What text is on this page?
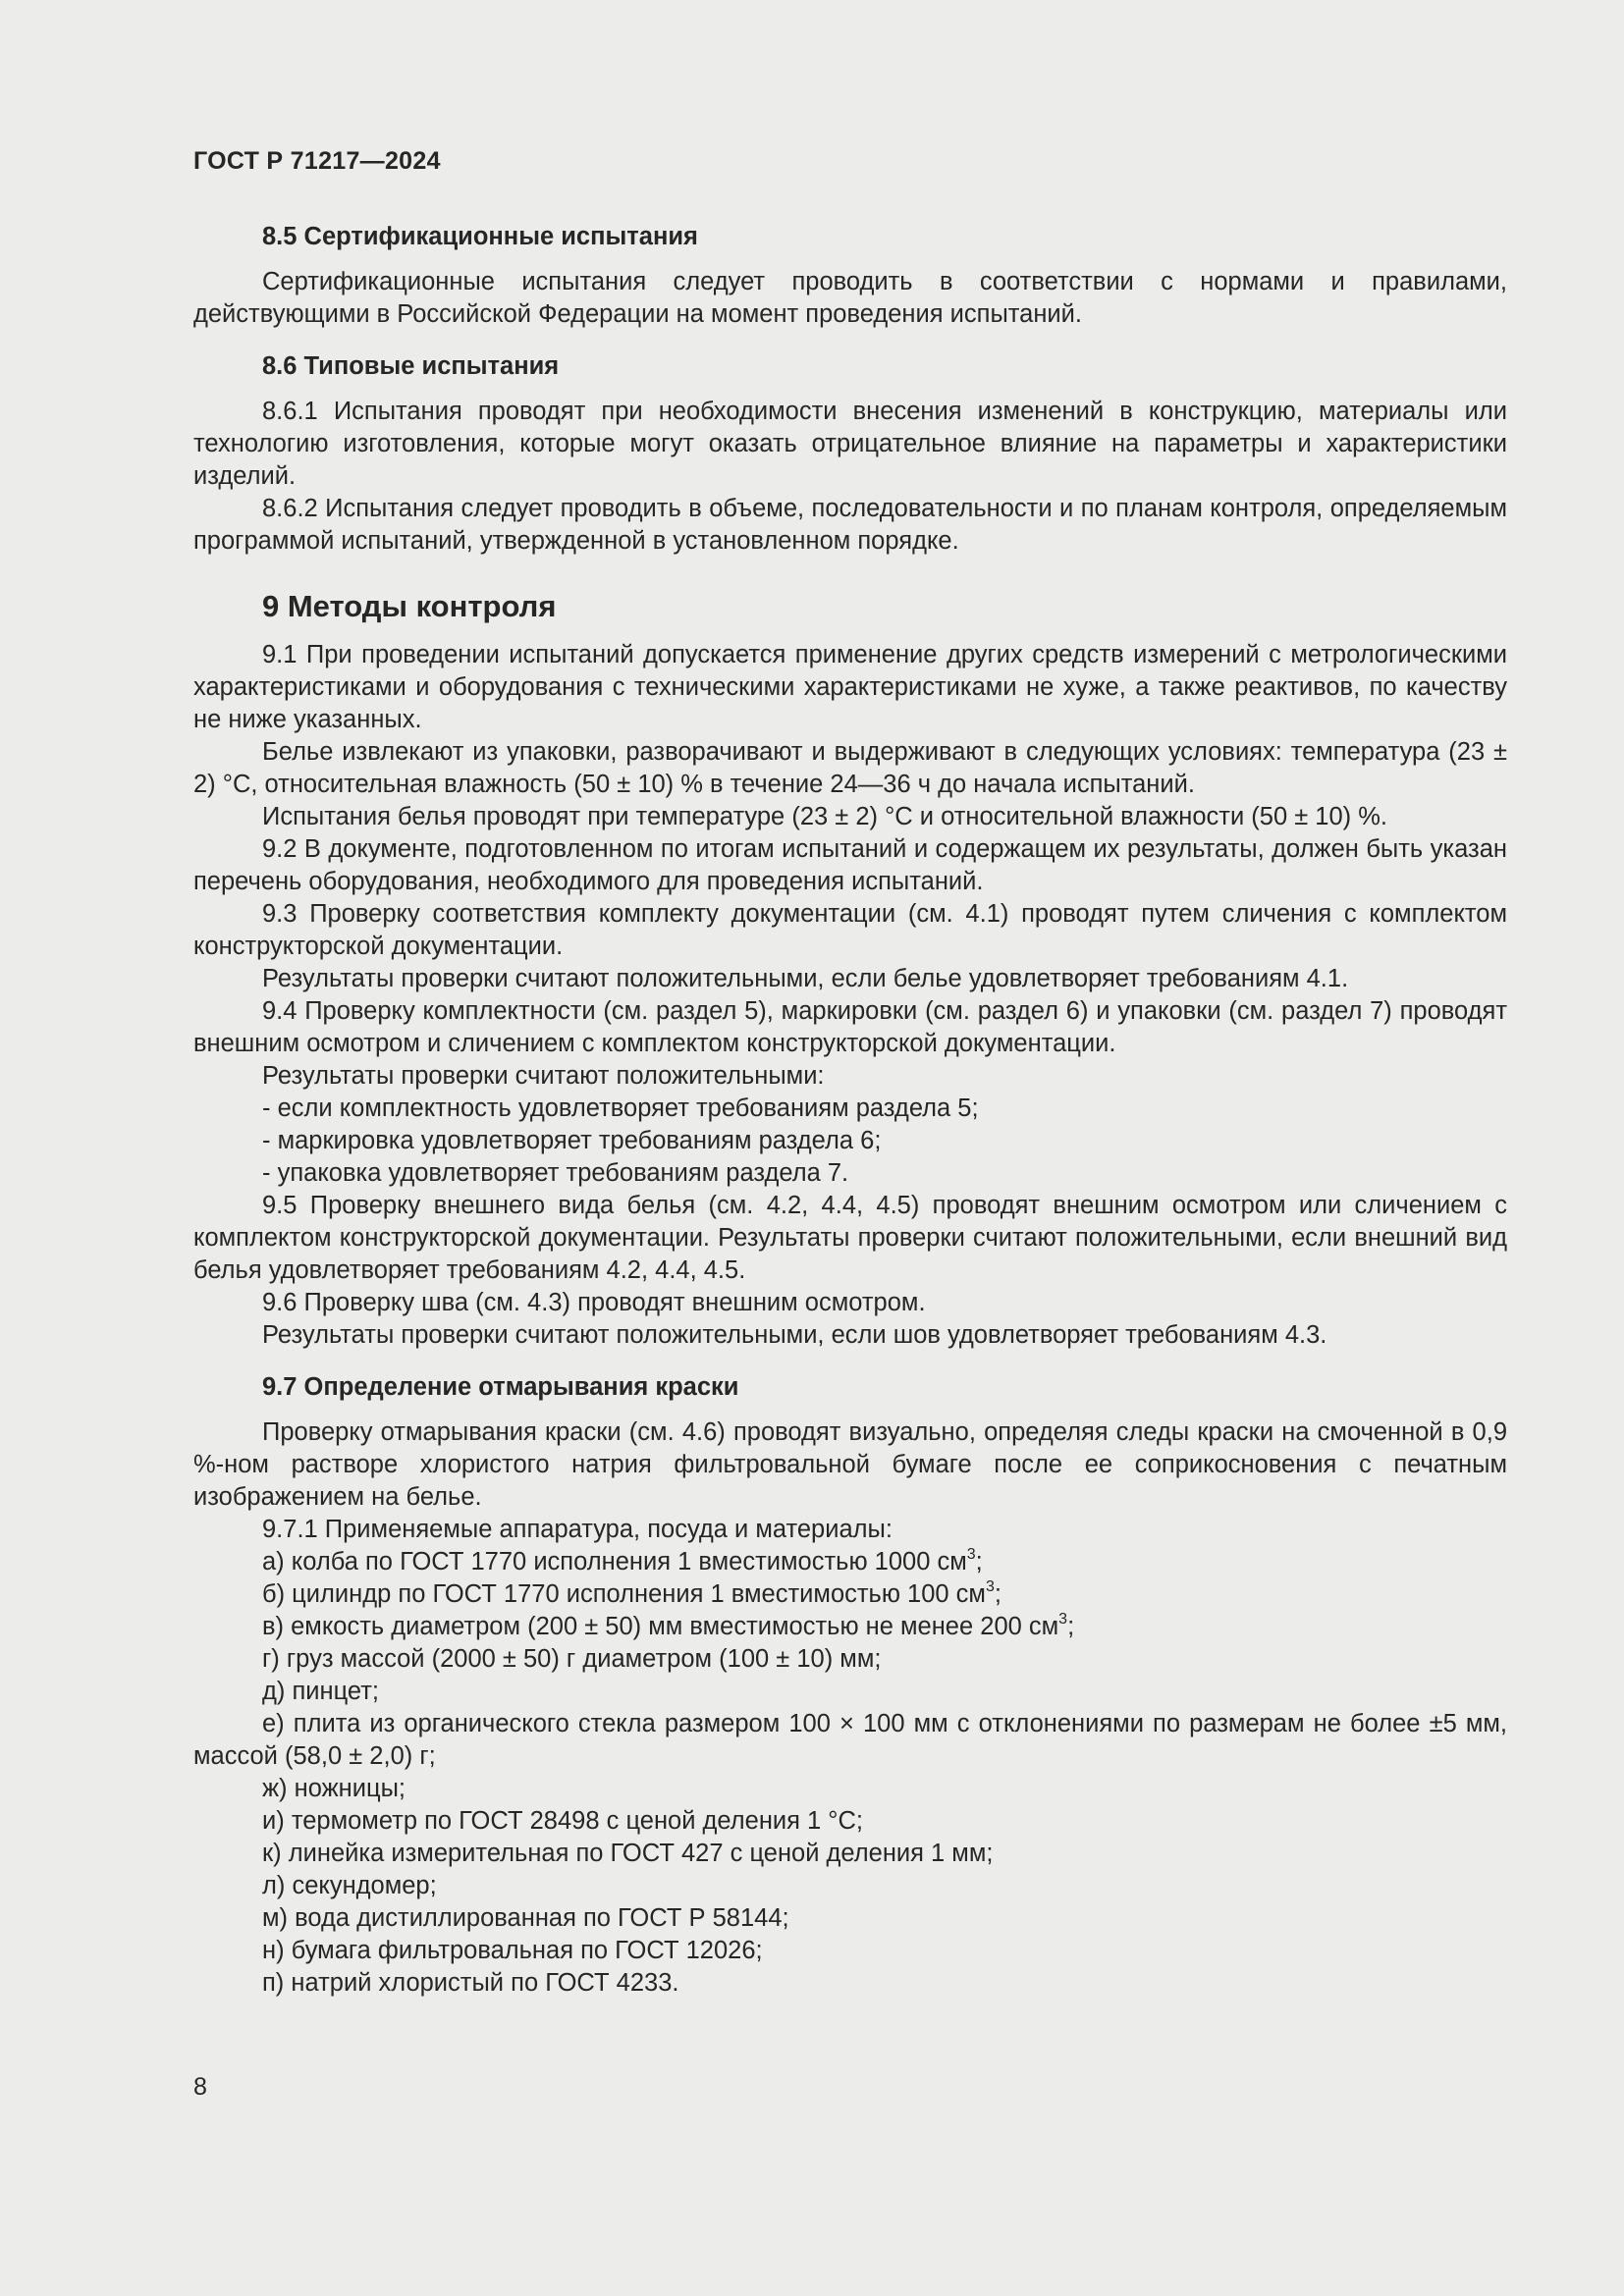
ГОСТ Р 71217—2024
8.5 Сертификационные испытания
Сертификационные испытания следует проводить в соответствии с нормами и правилами, действующими в Российской Федерации на момент проведения испытаний.
8.6 Типовые испытания
8.6.1 Испытания проводят при необходимости внесения изменений в конструкцию, материалы или технологию изготовления, которые могут оказать отрицательное влияние на параметры и характеристики изделий.
8.6.2 Испытания следует проводить в объеме, последовательности и по планам контроля, определяемым программой испытаний, утвержденной в установленном порядке.
9 Методы контроля
9.1 При проведении испытаний допускается применение других средств измерений с метрологическими характеристиками и оборудования с техническими характеристиками не хуже, а также реактивов, по качеству не ниже указанных.
Белье извлекают из упаковки, разворачивают и выдерживают в следующих условиях: температура (23 ± 2) °С, относительная влажность (50 ± 10) % в течение 24—36 ч до начала испытаний.
Испытания белья проводят при температуре (23 ± 2) °С и относительной влажности (50 ± 10) %.
9.2 В документе, подготовленном по итогам испытаний и содержащем их результаты, должен быть указан перечень оборудования, необходимого для проведения испытаний.
9.3 Проверку соответствия комплекту документации (см. 4.1) проводят путем сличения с комплектом конструкторской документации.
Результаты проверки считают положительными, если белье удовлетворяет требованиям 4.1.
9.4 Проверку комплектности (см. раздел 5), маркировки (см. раздел 6) и упаковки (см. раздел 7) проводят внешним осмотром и сличением с комплектом конструкторской документации.
Результаты проверки считают положительными:
- если комплектность удовлетворяет требованиям раздела 5;
- маркировка удовлетворяет требованиям раздела 6;
- упаковка удовлетворяет требованиям раздела 7.
9.5 Проверку внешнего вида белья (см. 4.2, 4.4, 4.5) проводят внешним осмотром или сличением с комплектом конструкторской документации. Результаты проверки считают положительными, если внешний вид белья удовлетворяет требованиям 4.2, 4.4, 4.5.
9.6 Проверку шва (см. 4.3) проводят внешним осмотром.
Результаты проверки считают положительными, если шов удовлетворяет требованиям 4.3.
9.7 Определение отмарывания краски
Проверку отмарывания краски (см. 4.6) проводят визуально, определяя следы краски на смоченной в 0,9 %-ном растворе хлористого натрия фильтровальной бумаге после ее соприкосновения с печатным изображением на белье.
9.7.1 Применяемые аппаратура, посуда и материалы:
а) колба по ГОСТ 1770 исполнения 1 вместимостью 1000 $см^3$;
б) цилиндр по ГОСТ 1770 исполнения 1 вместимостью 100 $см^3$;
в) емкость диаметром (200 ± 50) мм вместимостью не менее 200 $см^3$;
г) груз массой (2000 ± 50) г диаметром (100 ± 10) мм;
д) пинцет;
е) плита из органического стекла размером 100 × 100 мм с отклонениями по размерам не более ±5 мм, массой (58,0 ± 2,0) г;
ж) ножницы;
и) термометр по ГОСТ 28498 с ценой деления 1 °С;
к) линейка измерительная по ГОСТ 427 с ценой деления 1 мм;
л) секундомер;
м) вода дистиллированная по ГОСТ Р 58144;
н) бумага фильтровальная по ГОСТ 12026;
п) натрий хлористый по ГОСТ 4233.
8
